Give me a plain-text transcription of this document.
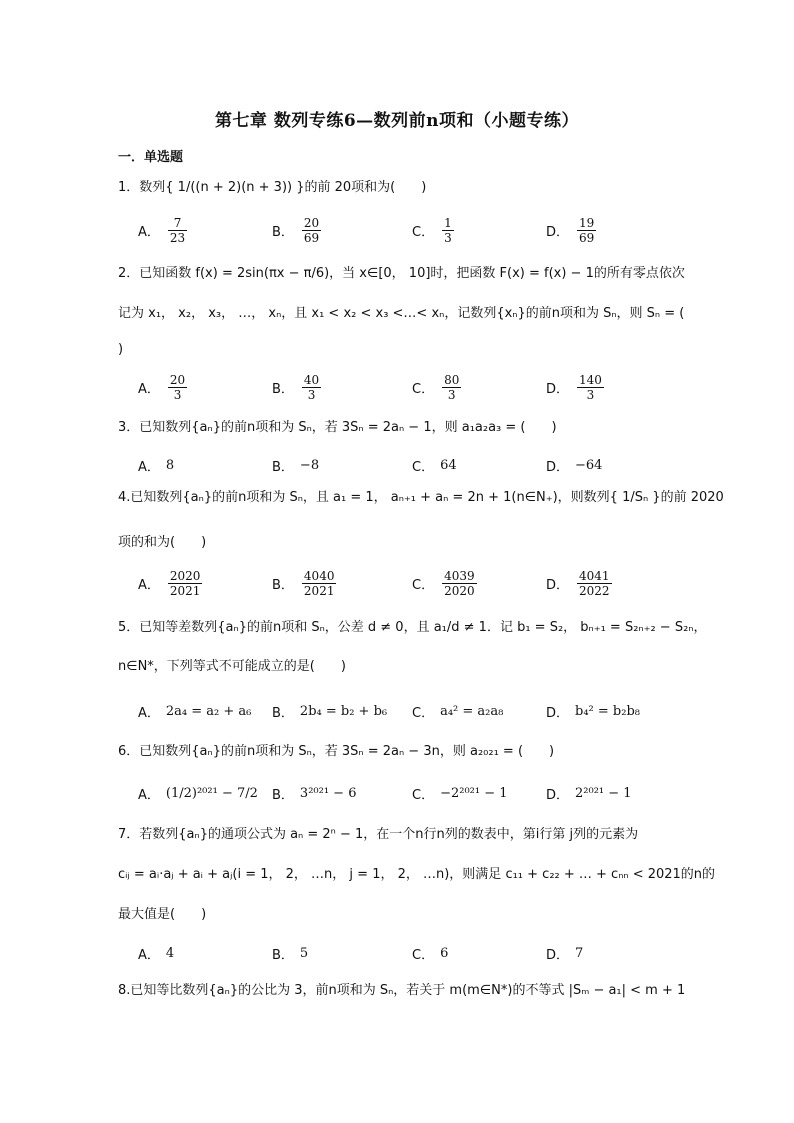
第七章 数列专练6—数列前n项和（小题专练）
一．单选题
1．数列{ 1/((n + 2)(n + 3)) }的前 20项和为(　　)
A． $\frac{7}{23}$	B． $\frac{20}{69}$	C． $\frac{1}{3}$	D． $\frac{19}{69}$
2．已知函数 f(x) = 2sin(πx − π/6)，当 x∈[0， 10]时，把函数 F(x) = f(x) − 1的所有零点依次
记为 x₁， x₂， x₃， …， xₙ，且 x₁ < x₂ < x₃ <…< xₙ，记数列{xₙ}的前n项和为 Sₙ，则 Sₙ = (
)
A． $\frac{20}{3}$	B． $\frac{40}{3}$	C． $\frac{80}{3}$	D． $\frac{140}{3}$
3．已知数列{aₙ}的前n项和为 Sₙ，若 3Sₙ = 2aₙ − 1，则 a₁a₂a₃ = (　　)
A． 8	B． −8	C． 64	D． −64
4.已知数列{aₙ}的前n项和为 Sₙ，且 a₁ = 1， aₙ₊₁ + aₙ = 2n + 1(n∈N₊)，则数列{ 1/Sₙ }的前 2020
项的和为(　　)
A． $\frac{2020}{2021}$	B． $\frac{4040}{2021}$	C． $\frac{4039}{2020}$	D． $\frac{4041}{2022}$
5．已知等差数列{aₙ}的前n项和 Sₙ，公差 d ≠ 0，且 a₁/d ≠ 1．记 b₁ = S₂， bₙ₊₁ = S₂ₙ₊₂ − S₂ₙ，
n∈N*，下列等式不可能成立的是(　　)
A． 2a₄ = a₂ + a₆ B． 2b₄ = b₂ + b₆ C． a₄² = a₂a₈	D． b₄² = b₂b₈
6．已知数列{aₙ}的前n项和为 Sₙ，若 3Sₙ = 2aₙ − 3n，则 a₂₀₂₁ = (　　)
A． (1/2)²⁰²¹ − 7/2 B． 3²⁰²¹ − 6	C． −2²⁰²¹ − 1	D． 2²⁰²¹ − 1
7．若数列{aₙ}的通项公式为 aₙ = 2ⁿ − 1，在一个n行n列的数表中，第i行第 j列的元素为
cᵢⱼ = aᵢ·aⱼ + aᵢ + aⱼ(i = 1， 2， …n， j = 1， 2， …n)，则满足 c₁₁ + c₂₂ + … + cₙₙ < 2021的n的
最大值是(　　)
A． 4	B． 5	C． 6	D． 7
8.已知等比数列{aₙ}的公比为 3，前n项和为 Sₙ，若关于 m(m∈N*)的不等式 |Sₘ − a₁| < m + 1
